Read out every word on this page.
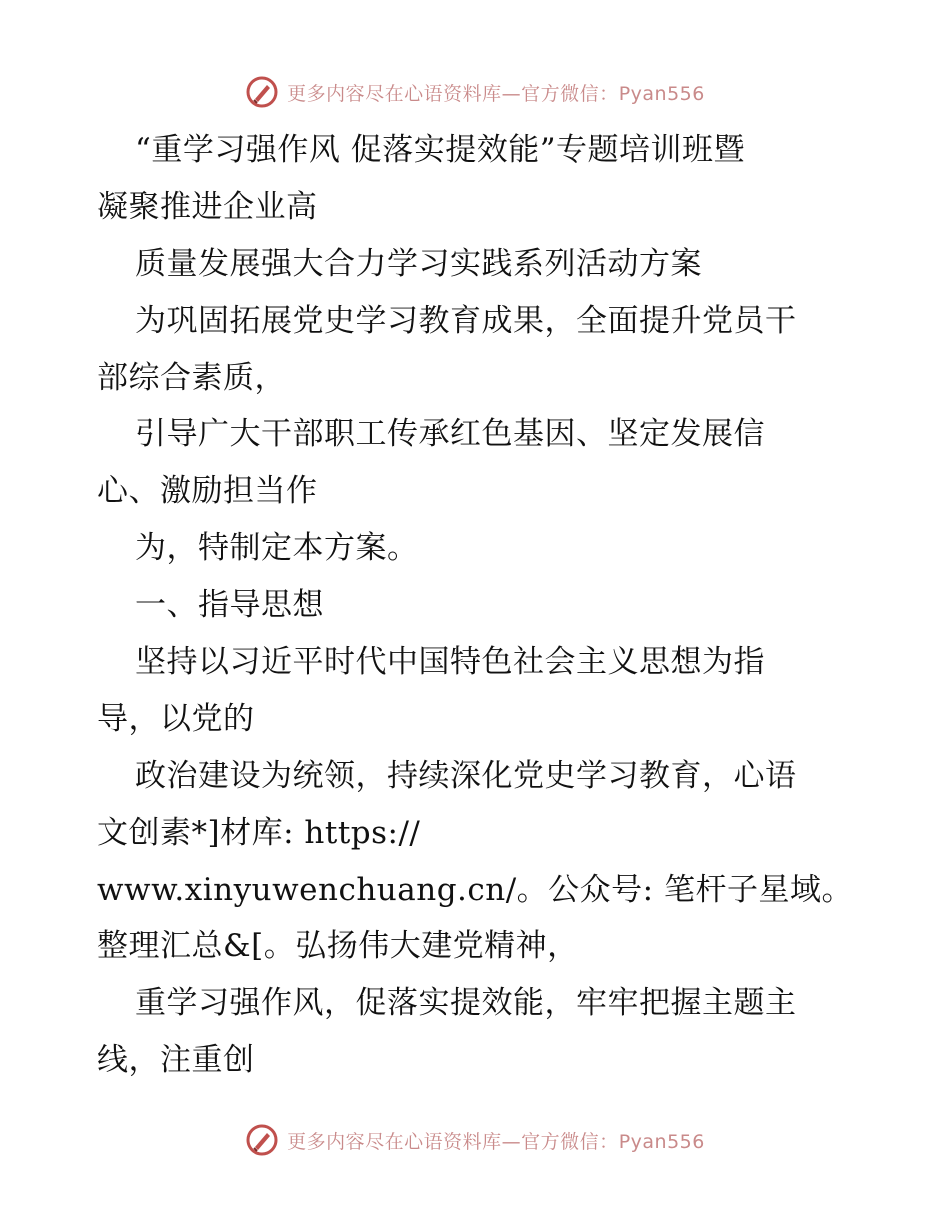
更多内容尽在心语资料库—官方微信：Pyan556
“重学习强作风 促落实提效能”专题培训班暨
凝聚推进企业高
质量发展强大合力学习实践系列活动方案
为巩固拓展党史学习教育成果，全面提升党员干
部综合素质，
引导广大干部职工传承红色基因、坚定发展信
心、激励担当作
为，特制定本方案。
一、指导思想
坚持以习近平时代中国特色社会主义思想为指
导，以党的
政治建设为统领，持续深化党史学习教育，心语
文创素*]材库: https://
www.xinyuwenchuang.cn/。公众号: 笔杆子星域。
整理汇总&[。弘扬伟大建党精神，
重学习强作风，促落实提效能，牢牢把握主题主
线，注重创
更多内容尽在心语资料库—官方微信：Pyan556
